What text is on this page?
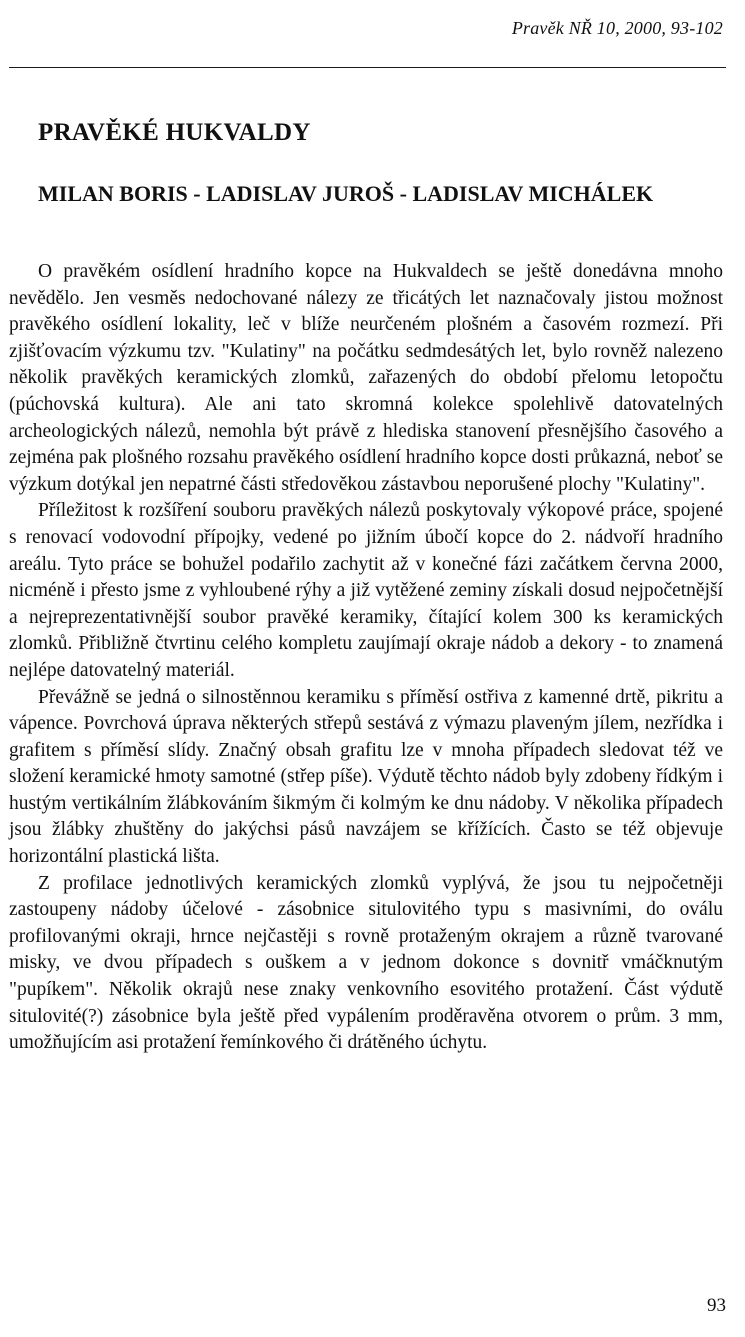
Pravěk NŘ 10, 2000, 93-102
PRAVĚKÉ HUKVALDY
MILAN BORIS - LADISLAV JUROŠ - LADISLAV MICHÁLEK

O pravěkém osídlení hradního kopce na Hukvaldech se ještě donedávna mnoho nevědělo. Jen vesměs nedochované nálezy ze třicátých let naznačovaly jistou možnost pravěkého osídlení lokality, leč v blíže neurčeném plošném a časovém rozmezí. Při zjišťovacím výzkumu tzv. "Kulatiny" na počátku sedmdesátých let, bylo rovněž nalezeno několik pravěkých keramických zlomků, zařazených do období přelomu letopočtu (púchovská kultura). Ale ani tato skromná kolekce spolehlivě datovatelných archeologických nálezů, nemohla být právě z hlediska stanovení přesnějšího časového a zejména pak plošného rozsahu pravěkého osídlení hradního kopce dosti průkazná, neboť se výzkum dotýkal jen nepatrné části středověkou zástavbou neporušené plochy "Kulatiny".

Příležitost k rozšíření souboru pravěkých nálezů poskytovaly výkopové práce, spojené s renovací vodovodní přípojky, vedené po jižním úbočí kopce do 2. nádvoří hradního areálu. Tyto práce se bohužel podařilo zachytit až v konečné fázi začátkem června 2000, nicméně i přesto jsme z vyhloubené rýhy a již vytěžené zeminy získali dosud nejpočetnější a nejreprezentativnější soubor pravěké keramiky, čítající kolem 300 ks keramických zlomků. Přibližně čtvrtinu celého kompletu zaujímají okraje nádob a dekory - to znamená nejlépe datovatelný materiál.

Převážně se jedná o silnostěnnou keramiku s příměsí ostřiva z kamenné drtě, pikritu a vápence. Povrchová úprava některých střepů sestává z výmazu plaveným jílem, nezřídka i grafitem s příměsí slídy. Značný obsah grafitu lze v mnoha případech sledovat též ve složení keramické hmoty samotné (střep píše). Výdutě těchto nádob byly zdobeny řídkým i hustým vertikálním žlábkováním šikmým či kolmým ke dnu nádoby. V několika případech jsou žlábky zhuštěny do jakýchsi pásů navzájem se křížících. Často se též objevuje horizontální plastická lišta.

Z profilace jednotlivých keramických zlomků vyplývá, že jsou tu nejpočetněji zastoupeny nádoby účelové - zásobnice situlovitého typu s masivními, do oválu profilovanými okraji, hrnce nejčastěji s rovně protaženým okrajem a různě tvarované misky, ve dvou případech s ouškem a v jednom dokonce s dovnitř vmáčknutým "pupíkem". Několik okrajů nese znaky venkovního esovitého protažení. Část výdutě situlovité(?) zásobnice byla ještě před vypálením proděravěna otvorem o prům. 3 mm, umožňujícím asi protažení řemínkového či drátěného úchytu.

93
